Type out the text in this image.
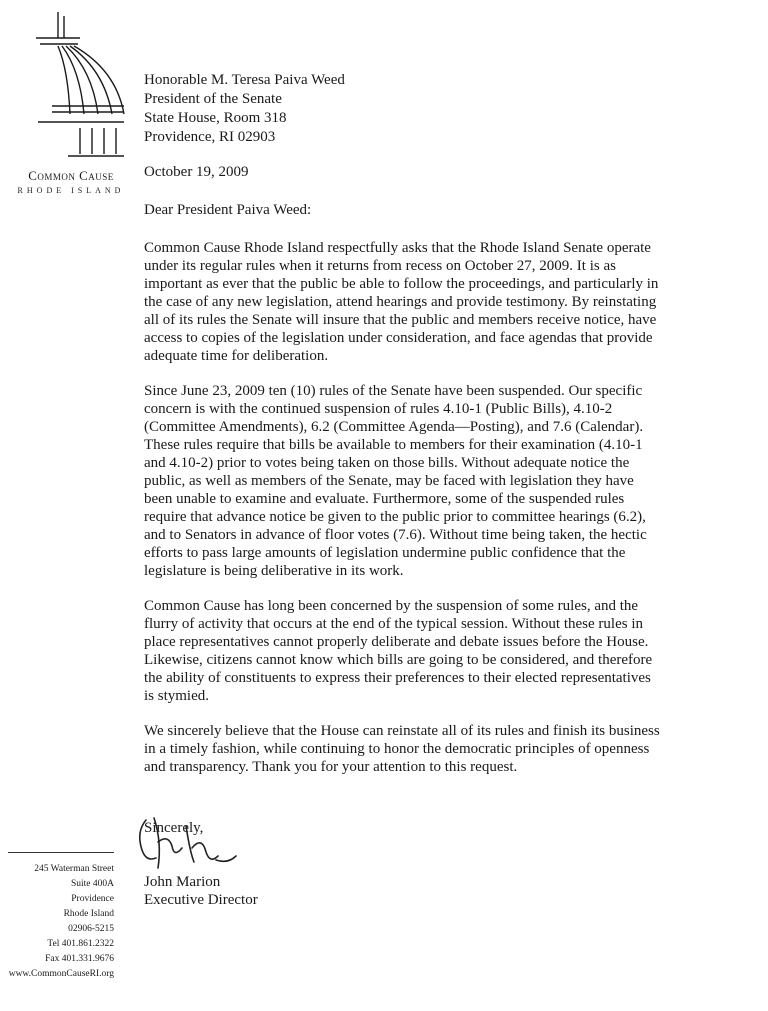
Common Cause
RHODE ISLAND
Honorable M. Teresa Paiva Weed
President of the Senate
State House, Room 318
Providence, RI 02903
October 19, 2009
Dear President Paiva Weed:

Common Cause Rhode Island respectfully asks that the Rhode Island Senate operate under its regular rules when it returns from recess on October 27, 2009. It is as important as ever that the public be able to follow the proceedings, and particularly in the case of any new legislation, attend hearings and provide testimony. By reinstating all of its rules the Senate will insure that the public and members receive notice, have access to copies of the legislation under consideration, and face agendas that provide adequate time for deliberation.

Since June 23, 2009 ten (10) rules of the Senate have been suspended. Our specific concern is with the continued suspension of rules 4.10-1 (Public Bills), 4.10-2 (Committee Amendments), 6.2 (Committee Agenda—Posting), and 7.6 (Calendar). These rules require that bills be available to members for their examination (4.10-1 and 4.10-2) prior to votes being taken on those bills. Without adequate notice the public, as well as members of the Senate, may be faced with legislation they have been unable to examine and evaluate. Furthermore, some of the suspended rules require that advance notice be given to the public prior to committee hearings (6.2), and to Senators in advance of floor votes (7.6). Without time being taken, the hectic efforts to pass large amounts of legislation undermine public confidence that the legislature is being deliberative in its work.

Common Cause has long been concerned by the suspension of some rules, and the flurry of activity that occurs at the end of the typical session. Without these rules in place representatives cannot properly deliberate and debate issues before the House. Likewise, citizens cannot know which bills are going to be considered, and therefore the ability of constituents to express their preferences to their elected representatives is stymied.

We sincerely believe that the House can reinstate all of its rules and finish its business in a timely fashion, while continuing to honor the democratic principles of openness and transparency. Thank you for your attention to this request.

Sincerely,
John Marion
Executive Director
245 Waterman Street
Suite 400A
Providence
Rhode Island
02906-5215
Tel 401.861.2322
Fax 401.331.9676
www.CommonCauseRI.org
